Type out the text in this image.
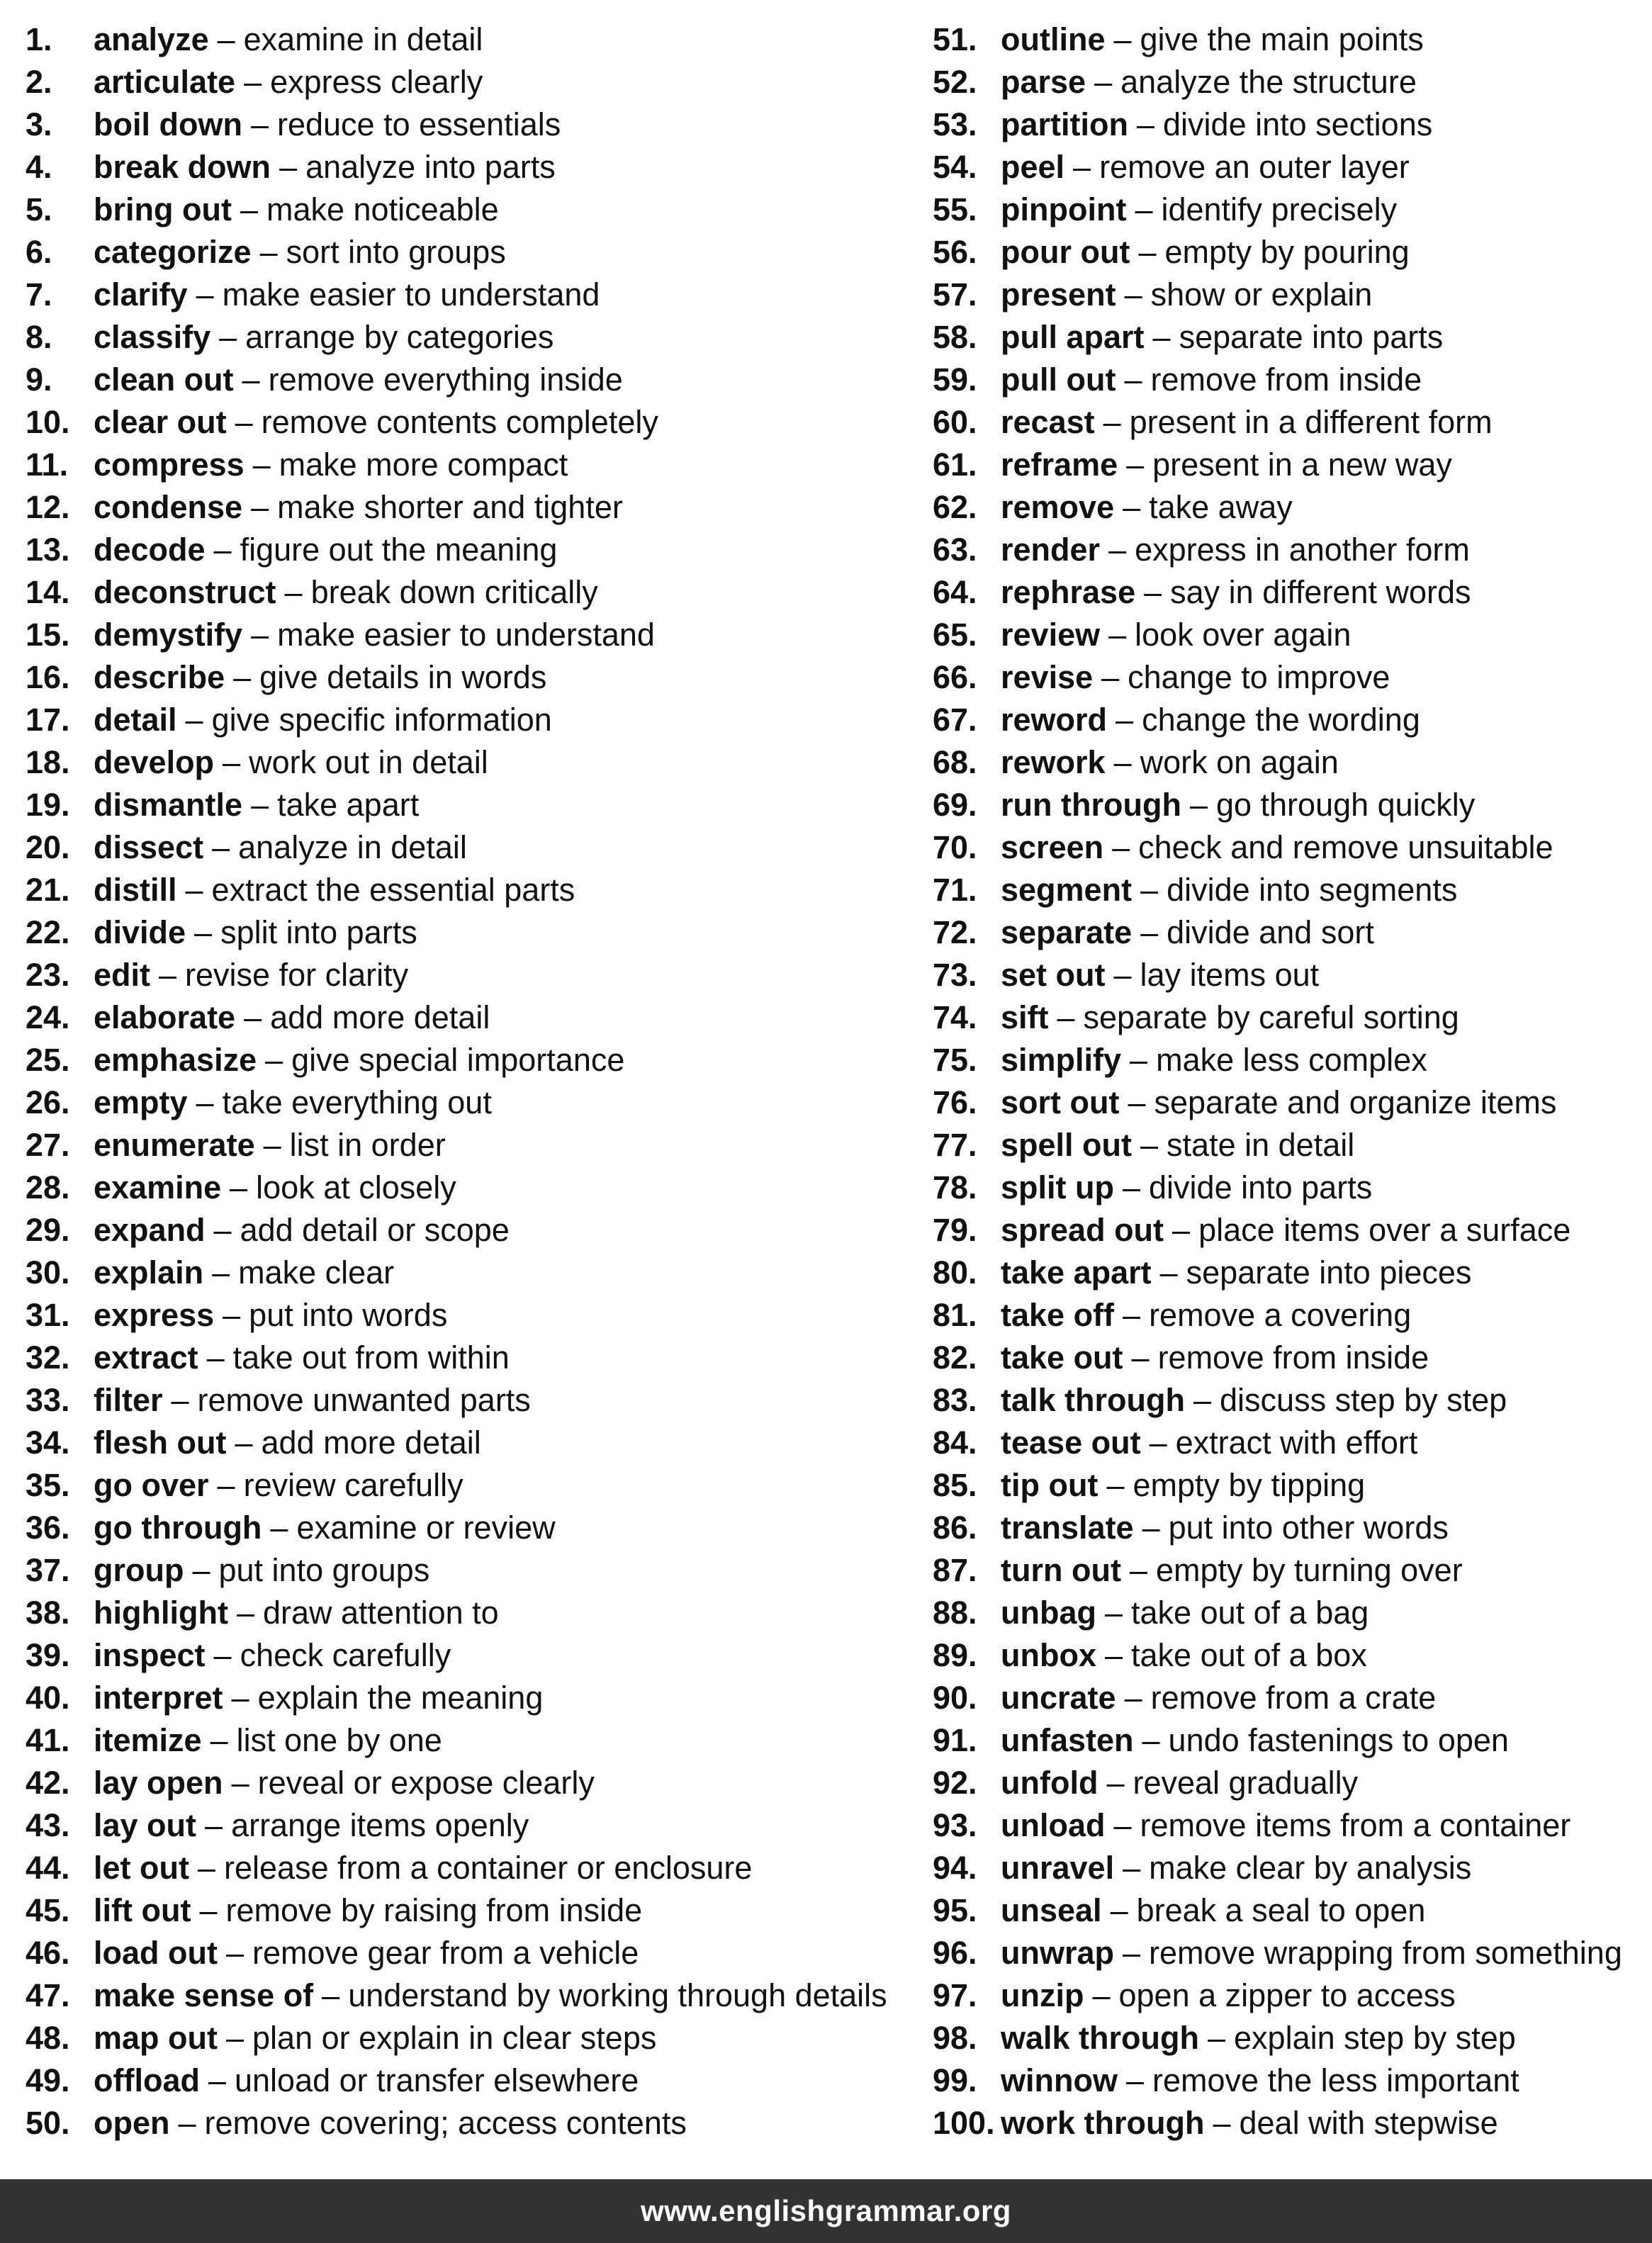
1. analyze – examine in detail
2. articulate – express clearly
3. boil down – reduce to essentials
4. break down – analyze into parts
5. bring out – make noticeable
6. categorize – sort into groups
7. clarify – make easier to understand
8. classify – arrange by categories
9. clean out – remove everything inside
10. clear out – remove contents completely
11. compress – make more compact
12. condense – make shorter and tighter
13. decode – figure out the meaning
14. deconstruct – break down critically
15. demystify – make easier to understand
16. describe – give details in words
17. detail – give specific information
18. develop – work out in detail
19. dismantle – take apart
20. dissect – analyze in detail
21. distill – extract the essential parts
22. divide – split into parts
23. edit – revise for clarity
24. elaborate – add more detail
25. emphasize – give special importance
26. empty – take everything out
27. enumerate – list in order
28. examine – look at closely
29. expand – add detail or scope
30. explain – make clear
31. express – put into words
32. extract – take out from within
33. filter – remove unwanted parts
34. flesh out – add more detail
35. go over – review carefully
36. go through – examine or review
37. group – put into groups
38. highlight – draw attention to
39. inspect – check carefully
40. interpret – explain the meaning
41. itemize – list one by one
42. lay open – reveal or expose clearly
43. lay out – arrange items openly
44. let out – release from a container or enclosure
45. lift out – remove by raising from inside
46. load out – remove gear from a vehicle
47. make sense of – understand by working through details
48. map out – plan or explain in clear steps
49. offload – unload or transfer elsewhere
50. open – remove covering; access contents
51. outline – give the main points
52. parse – analyze the structure
53. partition – divide into sections
54. peel – remove an outer layer
55. pinpoint – identify precisely
56. pour out – empty by pouring
57. present – show or explain
58. pull apart – separate into parts
59. pull out – remove from inside
60. recast – present in a different form
61. reframe – present in a new way
62. remove – take away
63. render – express in another form
64. rephrase – say in different words
65. review – look over again
66. revise – change to improve
67. reword – change the wording
68. rework – work on again
69. run through – go through quickly
70. screen – check and remove unsuitable
71. segment – divide into segments
72. separate – divide and sort
73. set out – lay items out
74. sift – separate by careful sorting
75. simplify – make less complex
76. sort out – separate and organize items
77. spell out – state in detail
78. split up – divide into parts
79. spread out – place items over a surface
80. take apart – separate into pieces
81. take off – remove a covering
82. take out – remove from inside
83. talk through – discuss step by step
84. tease out – extract with effort
85. tip out – empty by tipping
86. translate – put into other words
87. turn out – empty by turning over
88. unbag – take out of a bag
89. unbox – take out of a box
90. uncrate – remove from a crate
91. unfasten – undo fastenings to open
92. unfold – reveal gradually
93. unload – remove items from a container
94. unravel – make clear by analysis
95. unseal – break a seal to open
96. unwrap – remove wrapping from something
97. unzip – open a zipper to access
98. walk through – explain step by step
99. winnow – remove the less important
100. work through – deal with stepwise
www.englishgrammar.org
